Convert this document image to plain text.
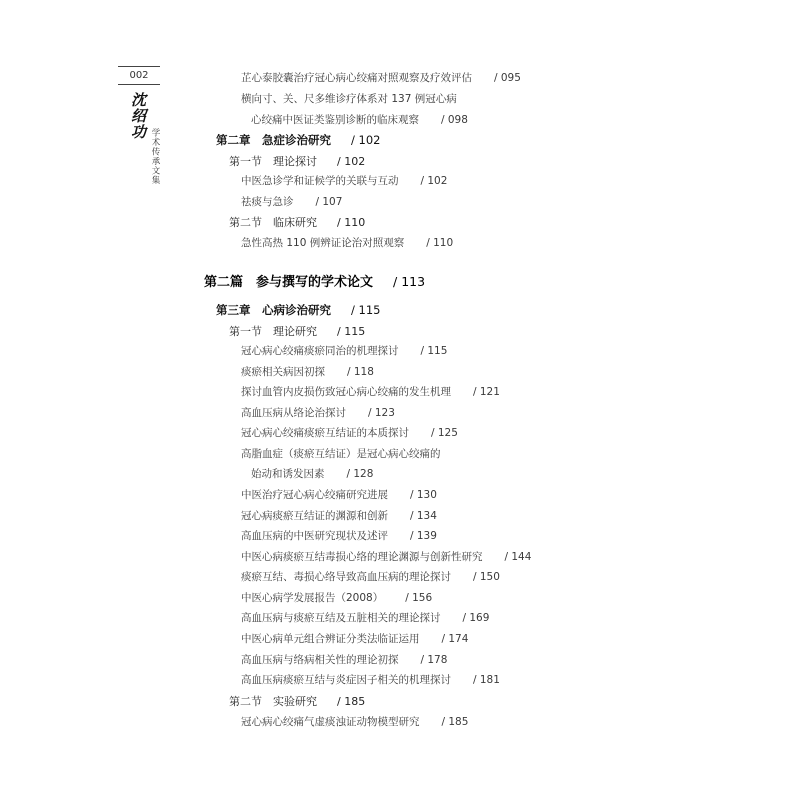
002
沈绍功
学术传承文集
芷心泰胶囊治疗冠心病心绞痛对照观察及疗效评估 / 095
横向寸、关、尺多维诊疗体系对 137 例冠心病
心绞痛中医证类鉴别诊断的临床观察 / 098
第二章　急症诊治研究 / 102
第一节　理论探讨 / 102
中医急诊学和证候学的关联与互动 / 102
祛痰与急诊 / 107
第二节　临床研究 / 110
急性高热 110 例辨证论治对照观察 / 110
第二篇　参与撰写的学术论文 / 113
第三章　心病诊治研究 / 115
第一节　理论研究 / 115
冠心病心绞痛痰瘀同治的机理探讨 / 115
痰瘀相关病因初探 / 118
探讨血管内皮损伤致冠心病心绞痛的发生机理 / 121
高血压病从络论治探讨 / 123
冠心病心绞痛痰瘀互结证的本质探讨 / 125
高脂血症（痰瘀互结证）是冠心病心绞痛的
始动和诱发因素 / 128
中医治疗冠心病心绞痛研究进展 / 130
冠心病痰瘀互结证的渊源和创新 / 134
高血压病的中医研究现状及述评 / 139
中医心病痰瘀互结毒损心络的理论渊源与创新性研究 / 144
痰瘀互结、毒损心络导致高血压病的理论探讨 / 150
中医心病学发展报告（2008） / 156
高血压病与痰瘀互结及五脏相关的理论探讨 / 169
中医心病单元组合辨证分类法临证运用 / 174
高血压病与络病相关性的理论初探 / 178
高血压病痰瘀互结与炎症因子相关的机理探讨 / 181
第二节　实验研究 / 185
冠心病心绞痛气虚痰浊证动物模型研究 / 185
